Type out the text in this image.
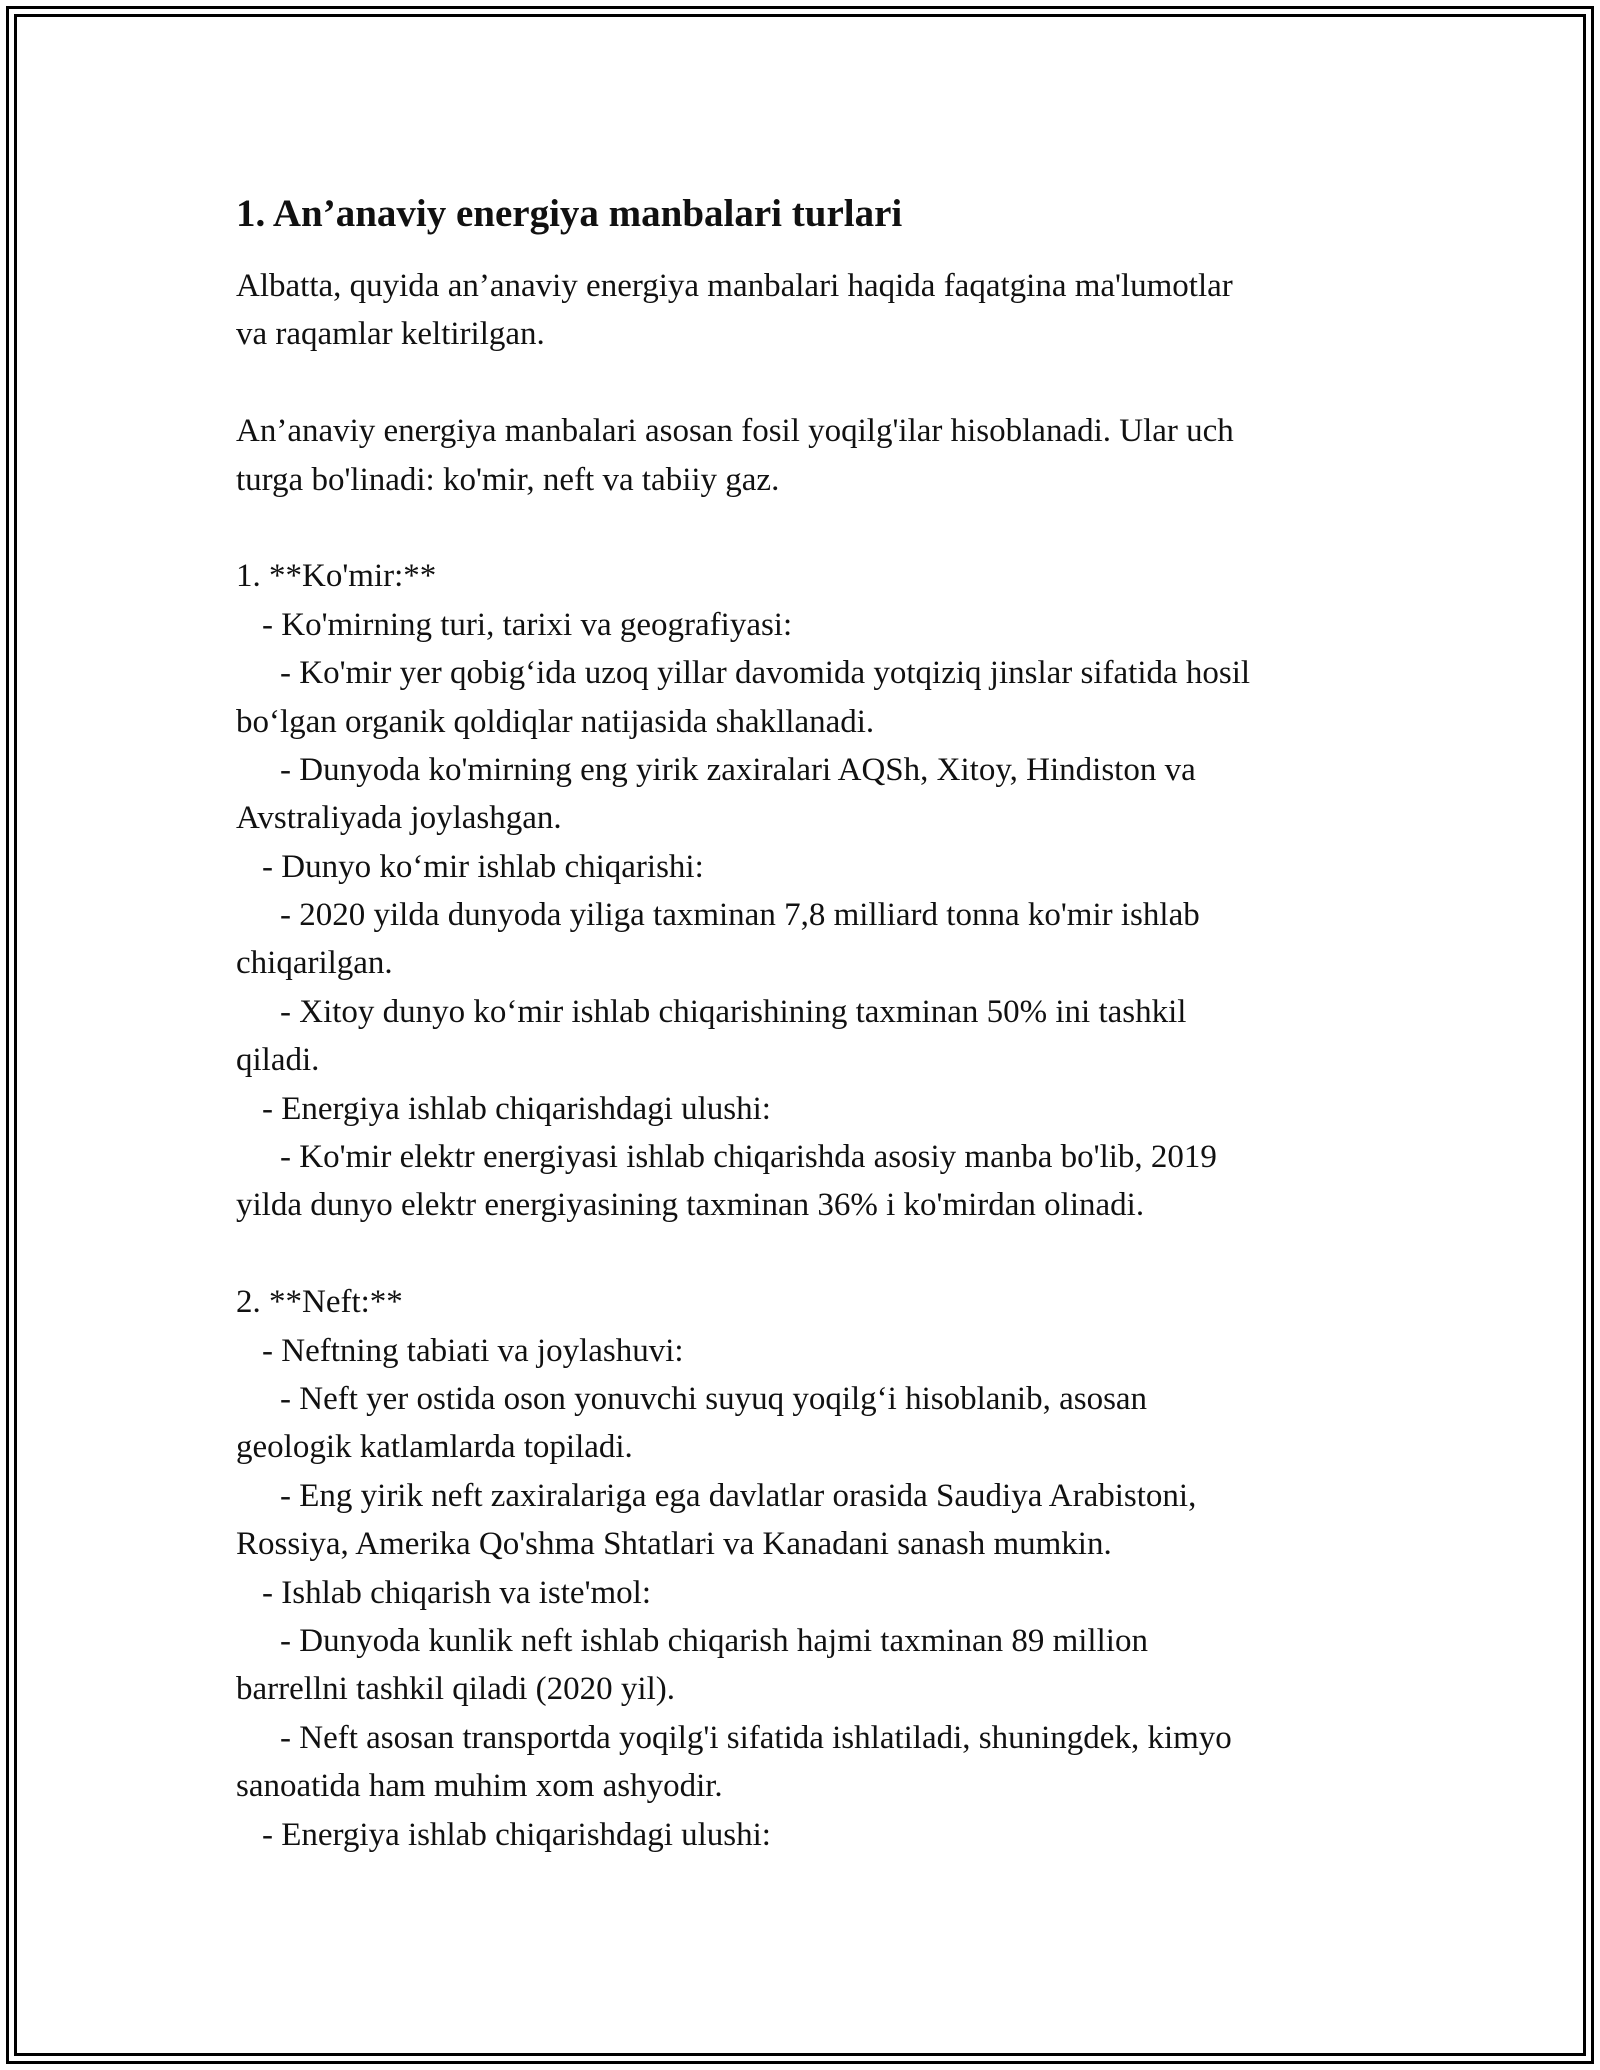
1. An’anaviy energiya manbalari turlari

Albatta, quyida an’anaviy energiya manbalari haqida faqatgina ma'lumotlar
va raqamlar keltirilgan.

An’anaviy energiya manbalari asosan fosil yoqilg'ilar hisoblanadi. Ular uch
turga bo'linadi: ko'mir, neft va tabiiy gaz.

1. **Ko'mir:**
- Ko'mirning turi, tarixi va geografiyasi:
- Ko'mir yer qobig‘ida uzoq yillar davomida yotqiziq jinslar sifatida hosil
bo‘lgan organik qoldiqlar natijasida shakllanadi.
- Dunyoda ko'mirning eng yirik zaxiralari AQSh, Xitoy, Hindiston va
Avstraliyada joylashgan.
- Dunyo ko‘mir ishlab chiqarishi:
- 2020 yilda dunyoda yiliga taxminan 7,8 milliard tonna ko'mir ishlab
chiqarilgan.
- Xitoy dunyo ko‘mir ishlab chiqarishining taxminan 50% ini tashkil
qiladi.
- Energiya ishlab chiqarishdagi ulushi:
- Ko'mir elektr energiyasi ishlab chiqarishda asosiy manba bo'lib, 2019
yilda dunyo elektr energiyasining taxminan 36% i ko'mirdan olinadi.
2. **Neft:**
- Neftning tabiati va joylashuvi:
- Neft yer ostida oson yonuvchi suyuq yoqilg‘i hisoblanib, asosan
geologik katlamlarda topiladi.
- Eng yirik neft zaxiralariga ega davlatlar orasida Saudiya Arabistoni,
Rossiya, Amerika Qo'shma Shtatlari va Kanadani sanash mumkin.
- Ishlab chiqarish va iste'mol:
- Dunyoda kunlik neft ishlab chiqarish hajmi taxminan 89 million
barrellni tashkil qiladi (2020 yil).
- Neft asosan transportda yoqilg'i sifatida ishlatiladi, shuningdek, kimyo
sanoatida ham muhim xom ashyodir.
- Energiya ishlab chiqarishdagi ulushi:
